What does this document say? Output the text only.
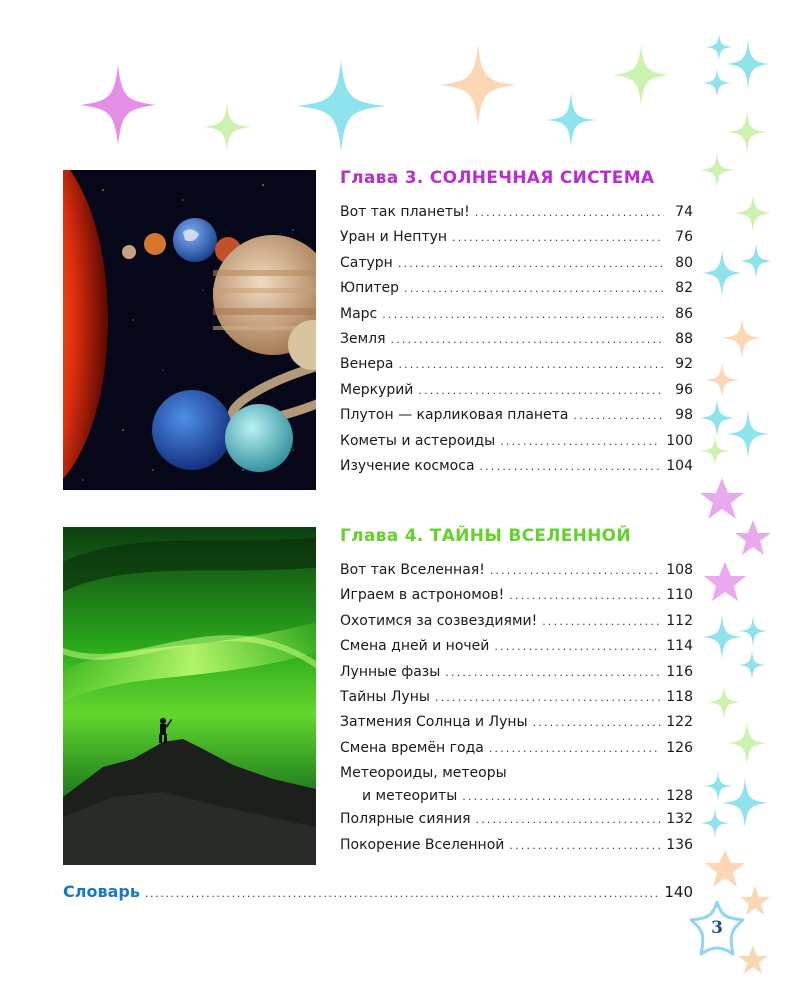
Глава 3. СОЛНЕЧНАЯ СИСТЕМА
Вот так планеты! .....	74
Уран и Нептун .....	76
Сатурн .....	80
Юпитер .....	82
Марс .....	86
Земля .....	88
Венера .....	92
Меркурий .....	96
Плутон — карликовая планета .....	98
Кометы и астероиды .....	100
Изучение космоса .....	104
Глава 4. ТАЙНЫ ВСЕЛЕННОЙ
Вот так Вселенная! .....	108
Играем в астрономов! .....	110
Охотимся за созвездиями! .....	112
Смена дней и ночей .....	114
Лунные фазы .....	116
Тайны Луны .....	118
Затмения Солнца и Луны .....	122
Смена времён года .....	126
Метеороиды, метеоры
и метеориты .....	128
Полярные сияния .....	132
Покорение Вселенной .....	136
Словарь .....	140
3
